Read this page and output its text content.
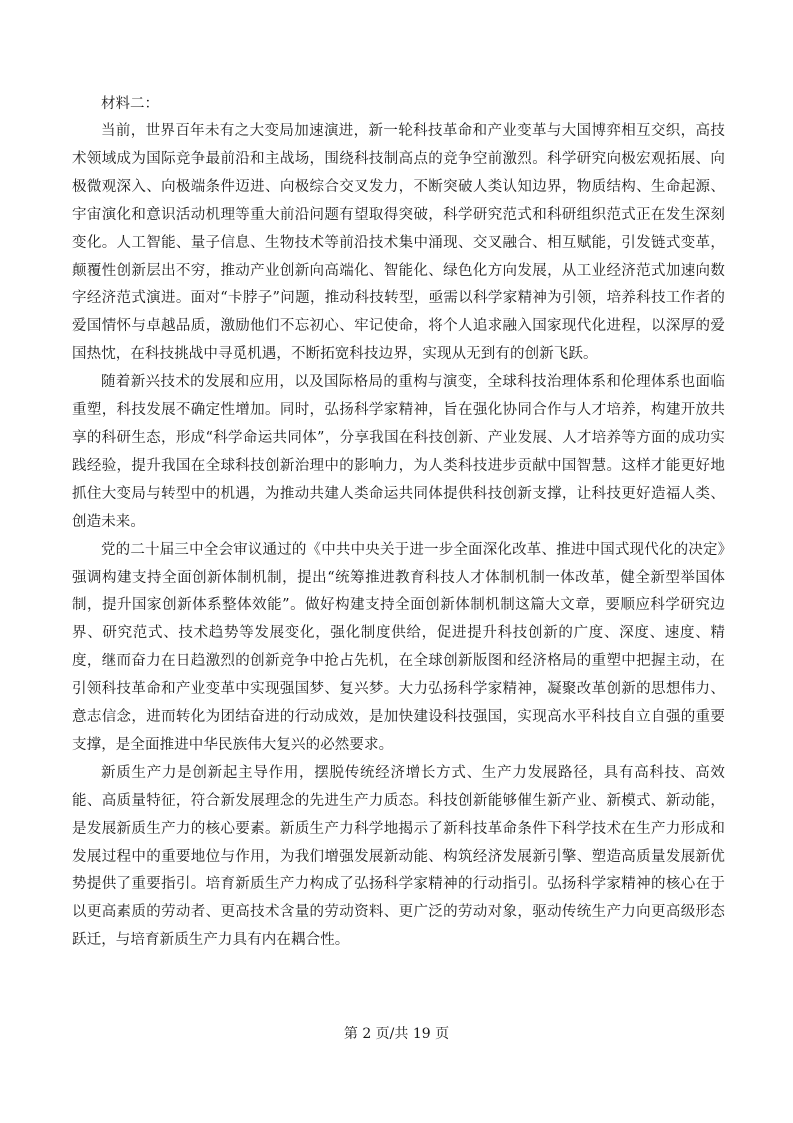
材料二：

当前，世界百年未有之大变局加速演进，新一轮科技革命和产业变革与大国博弈相互交织，高技术领域成为国际竞争最前沿和主战场，围绕科技制高点的竞争空前激烈。科学研究向极宏观拓展、向极微观深入、向极端条件迈进、向极综合交叉发力，不断突破人类认知边界，物质结构、生命起源、宇宙演化和意识活动机理等重大前沿问题有望取得突破，科学研究范式和科研组织范式正在发生深刻变化。人工智能、量子信息、生物技术等前沿技术集中涌现、交叉融合、相互赋能，引发链式变革，颠覆性创新层出不穷，推动产业创新向高端化、智能化、绿色化方向发展，从工业经济范式加速向数字经济范式演进。面对“卡脖子”问题，推动科技转型，亟需以科学家精神为引领，培养科技工作者的爱国情怀与卓越品质，激励他们不忘初心、牢记使命，将个人追求融入国家现代化进程，以深厚的爱国热忱，在科技挑战中寻觅机遇，不断拓宽科技边界，实现从无到有的创新飞跃。

随着新兴技术的发展和应用，以及国际格局的重构与演变，全球科技治理体系和伦理体系也面临重塑，科技发展不确定性增加。同时，弘扬科学家精神，旨在强化协同合作与人才培养，构建开放共享的科研生态，形成“科学命运共同体”，分享我国在科技创新、产业发展、人才培养等方面的成功实践经验，提升我国在全球科技创新治理中的影响力，为人类科技进步贡献中国智慧。这样才能更好地抓住大变局与转型中的机遇，为推动共建人类命运共同体提供科技创新支撑，让科技更好造福人类、创造未来。

党的二十届三中全会审议通过的《中共中央关于进一步全面深化改革、推进中国式现代化的决定》强调构建支持全面创新体制机制，提出“统筹推进教育科技人才体制机制一体改革，健全新型举国体制，提升国家创新体系整体效能”。做好构建支持全面创新体制机制这篇大文章，要顺应科学研究边界、研究范式、技术趋势等发展变化，强化制度供给，促进提升科技创新的广度、深度、速度、精度，继而奋力在日趋激烈的创新竞争中抢占先机，在全球创新版图和经济格局的重塑中把握主动，在引领科技革命和产业变革中实现强国梦、复兴梦。大力弘扬科学家精神，凝聚改革创新的思想伟力、意志信念，进而转化为团结奋进的行动成效，是加快建设科技强国，实现高水平科技自立自强的重要支撑，是全面推进中华民族伟大复兴的必然要求。

新质生产力是创新起主导作用，摆脱传统经济增长方式、生产力发展路径，具有高科技、高效能、高质量特征，符合新发展理念的先进生产力质态。科技创新能够催生新产业、新模式、新动能，是发展新质生产力的核心要素。新质生产力科学地揭示了新科技革命条件下科学技术在生产力形成和发展过程中的重要地位与作用，为我们增强发展新动能、构筑经济发展新引擎、塑造高质量发展新优势提供了重要指引。培育新质生产力构成了弘扬科学家精神的行动指引。弘扬科学家精神的核心在于以更高素质的劳动者、更高技术含量的劳动资料、更广泛的劳动对象，驱动传统生产力向更高级形态跃迁，与培育新质生产力具有内在耦合性。

第 2 页/共 19 页
